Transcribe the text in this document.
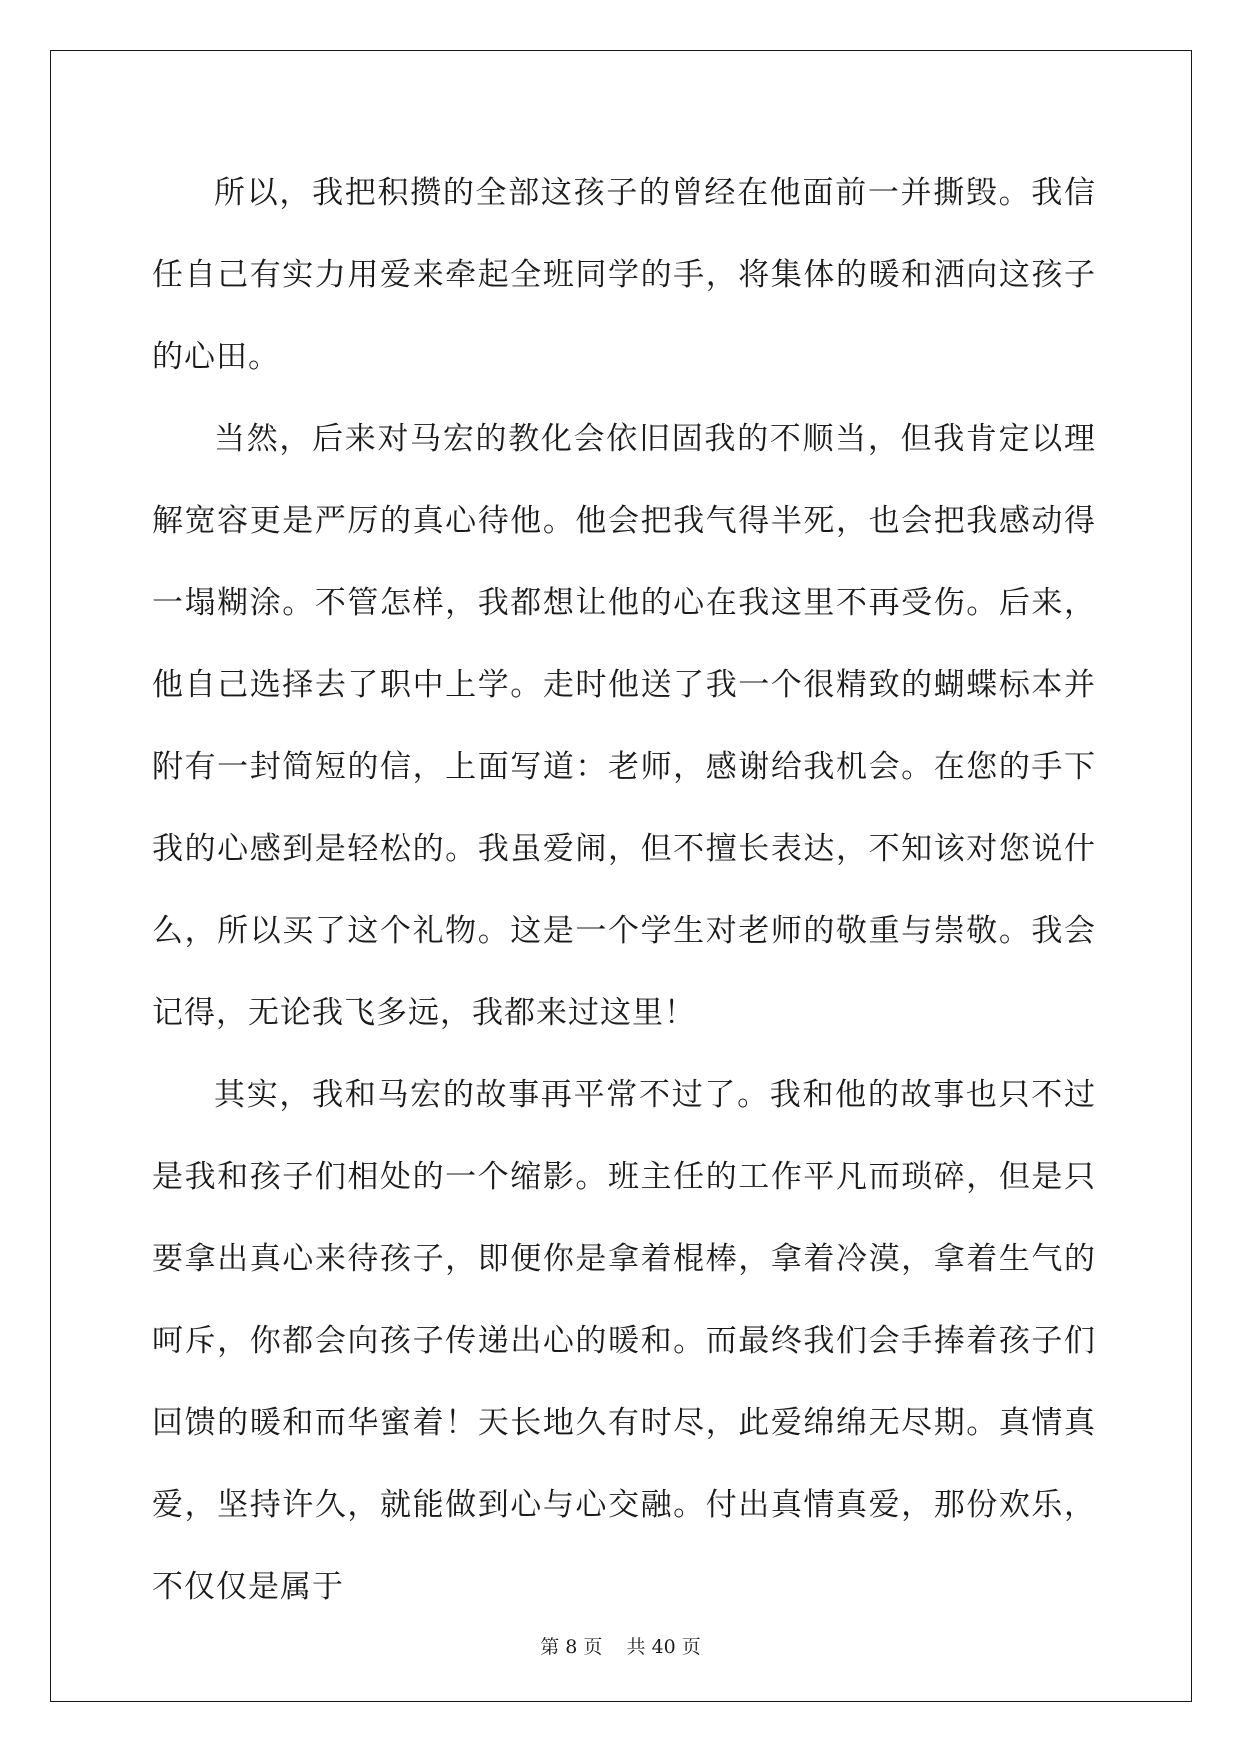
所以，我把积攒的全部这孩子的曾经在他面前一并撕毁。我信任自己有实力用爱来牵起全班同学的手，将集体的暖和洒向这孩子的心田。

当然，后来对马宏的教化会依旧固我的不顺当，但我肯定以理解宽容更是严厉的真心待他。他会把我气得半死，也会把我感动得一塌糊涂。不管怎样，我都想让他的心在我这里不再受伤。后来，他自己选择去了职中上学。走时他送了我一个很精致的蝴蝶标本并附有一封简短的信，上面写道：老师，感谢给我机会。在您的手下我的心感到是轻松的。我虽爱闹，但不擅长表达，不知该对您说什么，所以买了这个礼物。这是一个学生对老师的敬重与崇敬。我会记得，无论我飞多远，我都来过这里！

其实，我和马宏的故事再平常不过了。我和他的故事也只不过是我和孩子们相处的一个缩影。班主任的工作平凡而琐碎，但是只要拿出真心来待孩子，即便你是拿着棍棒，拿着冷漠，拿着生气的呵斥，你都会向孩子传递出心的暖和。而最终我们会手捧着孩子们回馈的暖和而华蜜着！天长地久有时尽，此爱绵绵无尽期。真情真爱，坚持许久，就能做到心与心交融。付出真情真爱，那份欢乐，不仅仅是属于

第 8 页 共 40 页
